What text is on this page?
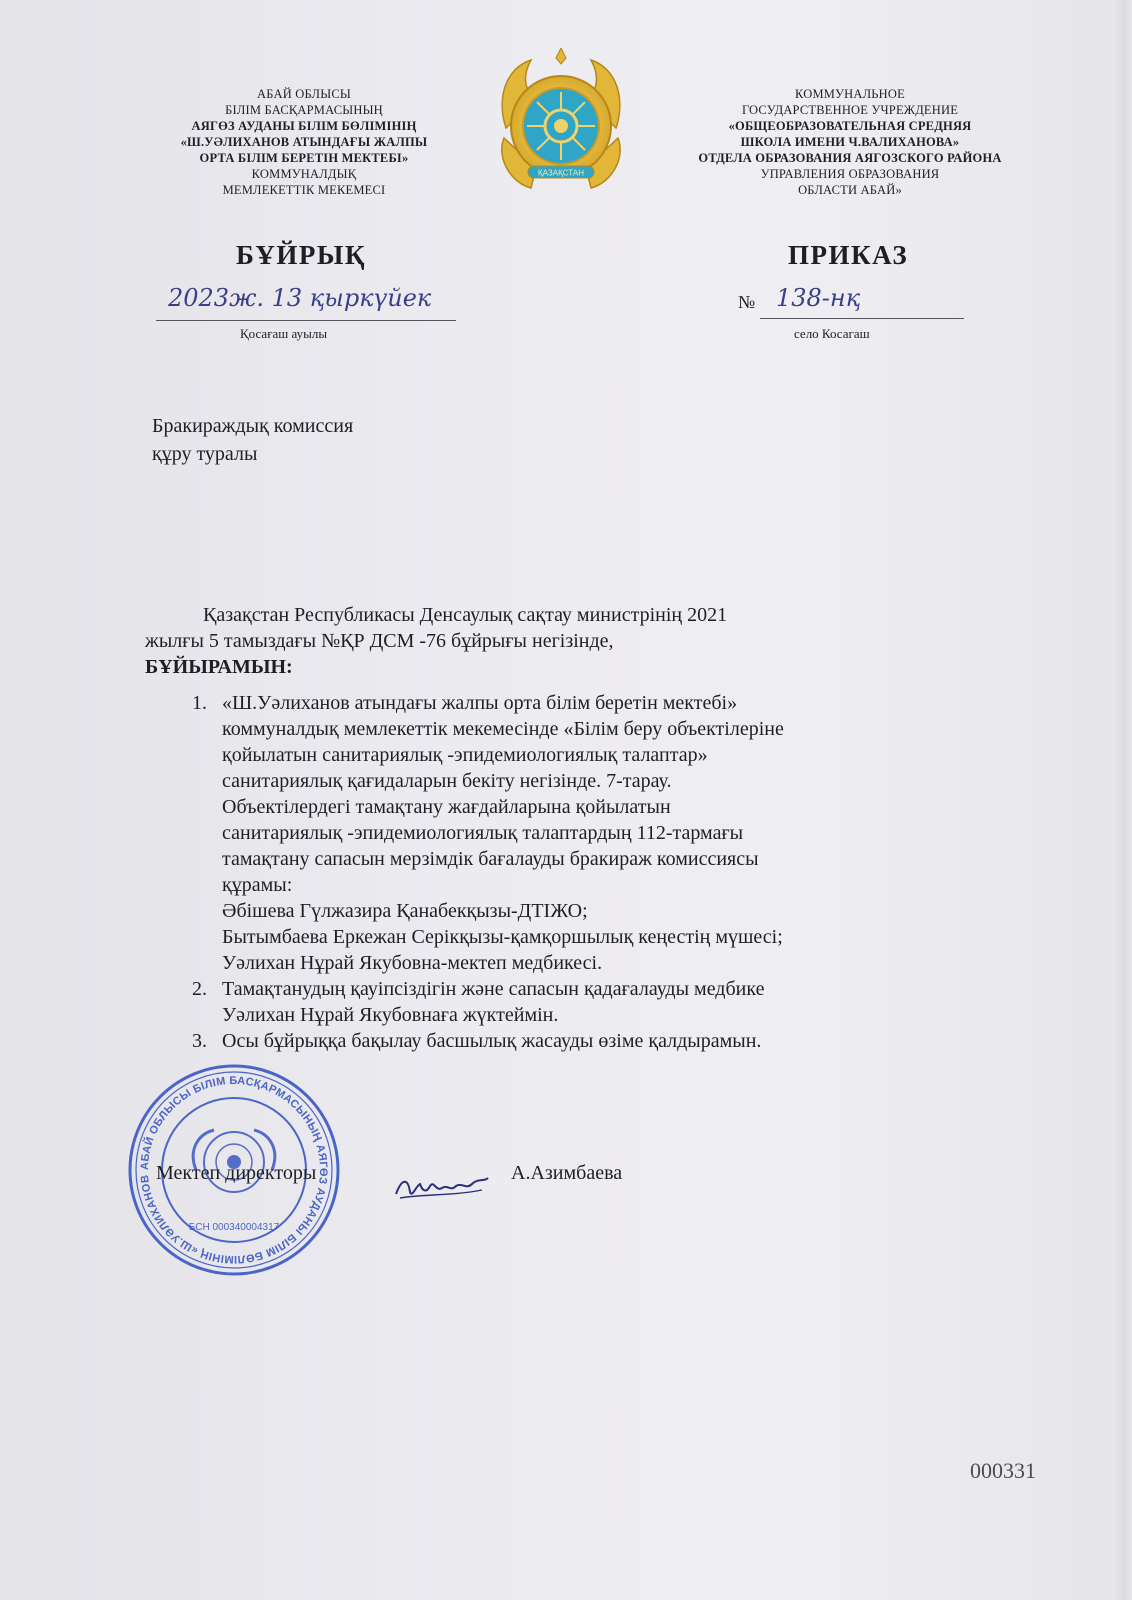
АБАЙ ОБЛЫСЫ
БІЛІМ БАСҚАРМАСЫНЫҢ
АЯГӨЗ АУДАНЫ БІЛІМ БӨЛІМІНІҢ
«Ш.УӘЛИХАНОВ АТЫНДАҒЫ ЖАЛПЫ
ОРТА БІЛІМ БЕРЕТІН МЕКТЕБІ»
КОММУНАЛДЫҚ
МЕМЛЕКЕТТІК МЕКЕМЕСІ
ҚАЗАҚСТАН
КОММУНАЛЬНОЕ
ГОСУДАРСТВЕННОЕ УЧРЕЖДЕНИЕ
«ОБЩЕОБРАЗОВАТЕЛЬНАЯ СРЕДНЯЯ
ШКОЛА ИМЕНИ Ч.ВАЛИХАНОВА»
ОТДЕЛА ОБРАЗОВАНИЯ АЯГОЗСКОГО РАЙОНА
УПРАВЛЕНИЯ ОБРАЗОВАНИЯ
ОБЛАСТИ АБАЙ»
БҰЙРЫҚ	ПРИКАЗ
2023ж. 13 қыркүйек
Қосағаш ауылы
№ 138-нқ
село Косагаш
Бракираждық комиссия
құру туралы
Қазақстан Республикасы Денсаулық сақтау министрінің 2021
жылғы 5 тамыздағы №ҚР ДСМ -76 бұйрығы негізінде,
БҰЙЫРАМЫН:
1. «Ш.Уәлиханов атындағы жалпы орта білім беретін мектебі»
коммуналдық мемлекеттік мекемесінде «Білім беру объектілеріне
қойылатын санитариялық -эпидемиологиялық талаптар»
санитариялық қағидаларын бекіту негізінде. 7-тарау.
Объектілердегі тамақтану жағдайларына қойылатын
санитариялық -эпидемиологиялық талаптардың 112-тармағы
тамақтану сапасын мерзімдік бағалауды бракираж комиссиясы
құрамы:
Әбішева Гүлжазира Қанабекқызы-ДТІЖО;
Бытымбаева Еркежан Серікқызы-қамқоршылық кеңестің мүшесі;
Уәлихан Нұрай Якубовна-мектеп медбикесі.
2. Тамақтанудың қауіпсіздігін және сапасын қадағалауды медбике
Уәлихан Нұрай Якубовнаға жүктеймін.
3. Осы бұйрыққа бақылау басшылық жасауды өзіме қалдырамын.
АБАЙ ОБЛЫСЫ БІЛІМ БАСҚАРМАСЫНЫҢ АЯГӨЗ АУДАНЫ БІЛІМ БӨЛІМІНІҢ «Ш.УӘЛИХАНОВ
БСН 000340004317
Мектеп директоры	А.Азимбаева
000331
